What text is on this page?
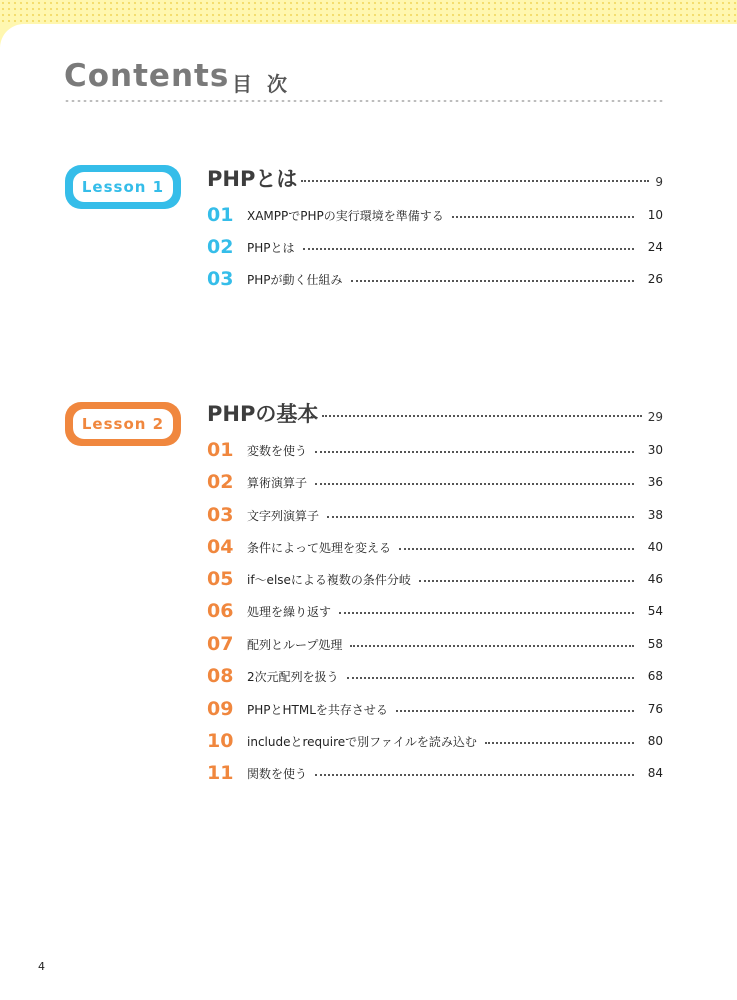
Contents 目 次
Lesson 1	PHPとは	9
01	XAMPPでPHPの実行環境を準備する	10
02	PHPとは	24
03	PHPが動く仕組み	26
Lesson 2	PHPの基本	29
01	変数を使う	30
02	算術演算子	36
03	文字列演算子	38
04	条件によって処理を変える	40
05	if〜elseによる複数の条件分岐	46
06	処理を繰り返す	54
07	配列とループ処理	58
08	2次元配列を扱う	68
09	PHPとHTMLを共存させる	76
10	includeとrequireで別ファイルを読み込む	80
11	関数を使う	84
4
